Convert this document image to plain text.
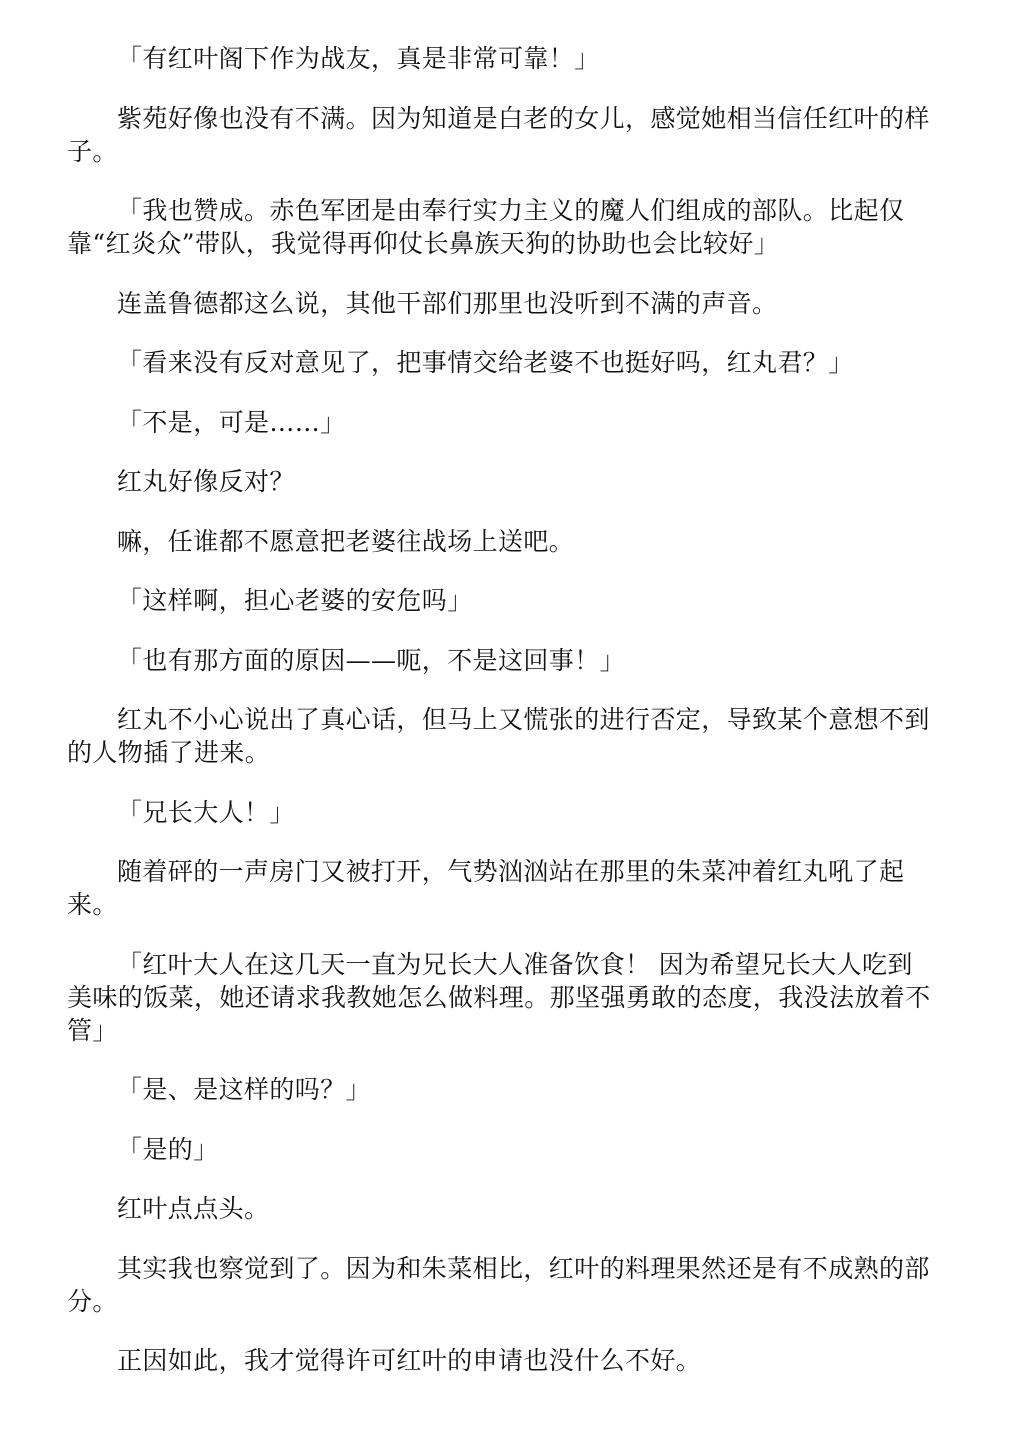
「有红叶阁下作为战友，真是非常可靠！」

紫苑好像也没有不满。因为知道是白老的女儿，感觉她相当信任红叶的样子。

「我也赞成。赤色军团是由奉行实力主义的魔人们组成的部队。比起仅靠“红炎众”带队，我觉得再仰仗长鼻族天狗的协助也会比较好」

连盖鲁德都这么说，其他干部们那里也没听到不满的声音。

「看来没有反对意见了，把事情交给老婆不也挺好吗，红丸君？」

「不是，可是……」

红丸好像反对？

嘛，任谁都不愿意把老婆往战场上送吧。

「这样啊，担心老婆的安危吗」

「也有那方面的原因——呃，不是这回事！」

红丸不小心说出了真心话，但马上又慌张的进行否定，导致某个意想不到的人物插了进来。

「兄长大人！」

随着砰的一声房门又被打开，气势汹汹站在那里的朱菜冲着红丸吼了起来。

「红叶大人在这几天一直为兄长大人准备饮食！ 因为希望兄长大人吃到美味的饭菜，她还请求我教她怎么做料理。那坚强勇敢的态度，我没法放着不管」

「是、是这样的吗？」

「是的」

红叶点点头。

其实我也察觉到了。因为和朱菜相比，红叶的料理果然还是有不成熟的部分。

正因如此，我才觉得许可红叶的申请也没什么不好。
